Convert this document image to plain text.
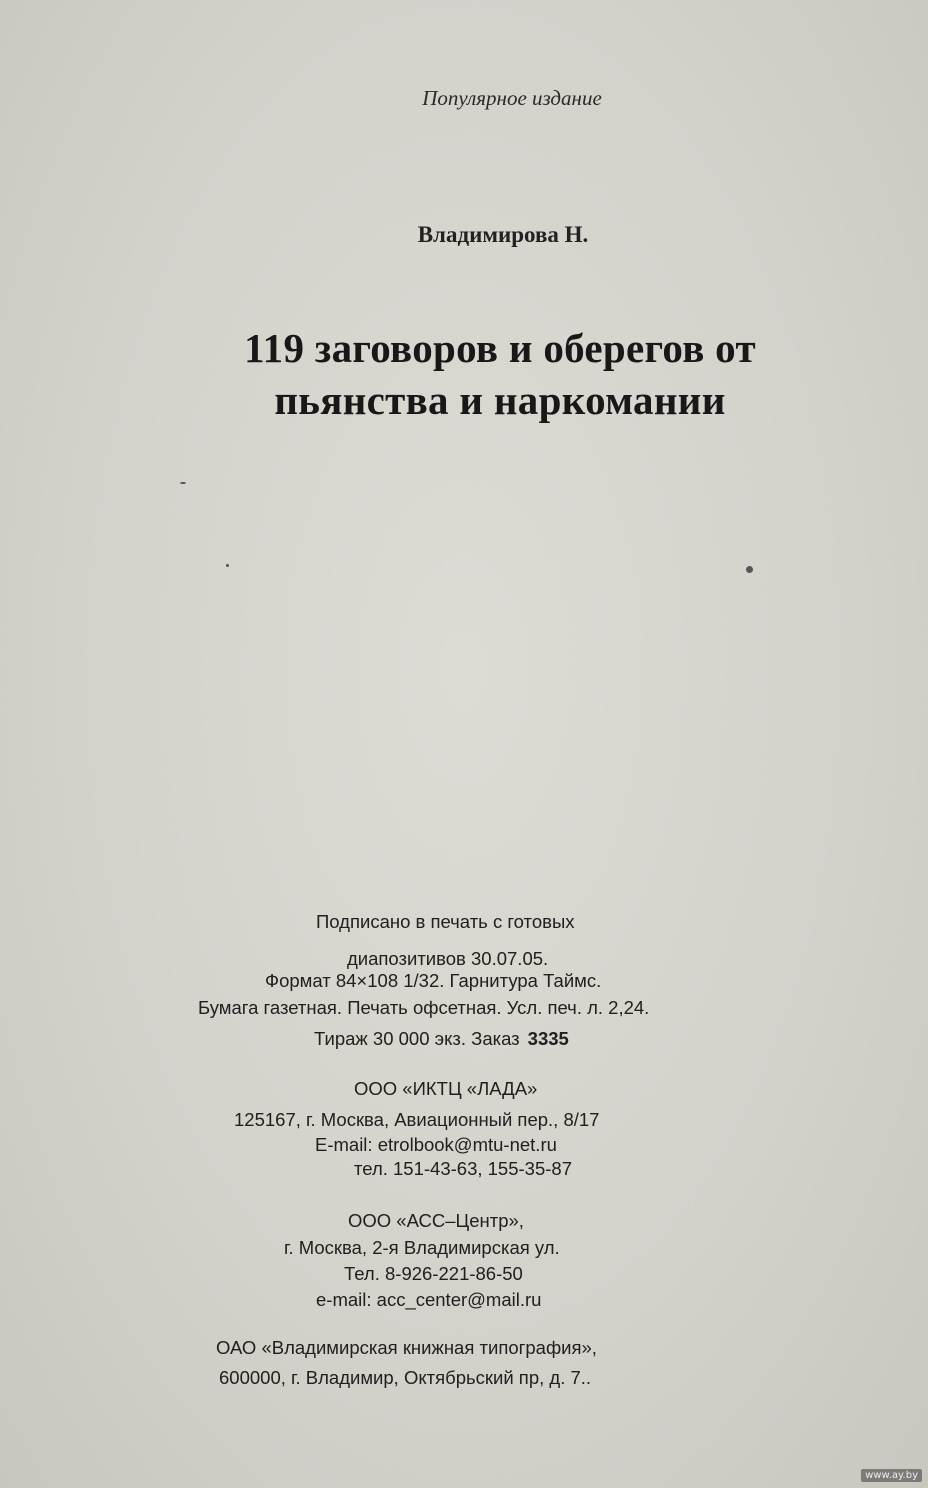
Популярное издание
Владимирова Н.
119 заговоров и оберегов от
пьянства и наркомании
Подписано в печать с готовых
диапозитивов 30.07.05.
Формат 84×108 1/32. Гарнитура Таймс.
Бумага газетная. Печать офсетная. Усл. печ. л. 2,24.
Тираж 30 000 экз. Заказ 3335
ООО «ИКТЦ «ЛАДА»
125167, г. Москва, Авиационный пер., 8/17
E-mail: etrolbook@mtu-net.ru
тел. 151-43-63, 155-35-87
ООО «АСС–Центр»,
г. Москва, 2-я Владимирская ул.
Тел. 8-926-221-86-50
e-mail: acc_center@mail.ru
ОАО «Владимирская книжная типография»,
600000, г. Владимир, Октябрьский пр, д. 7..
www.ay.by
